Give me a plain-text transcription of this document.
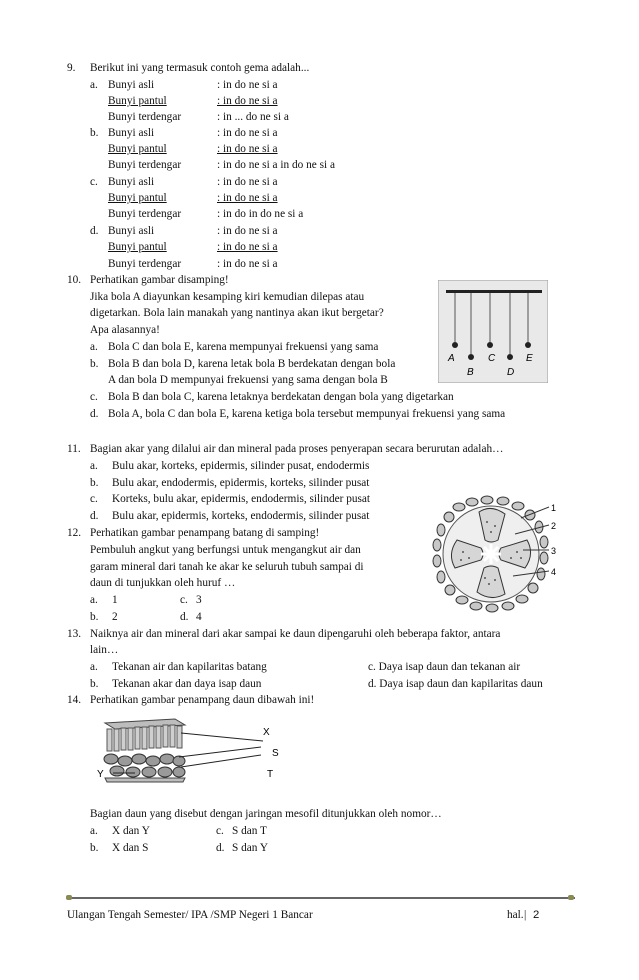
9. Berikut ini yang termasuk contoh gema adalah...
a. Bunyi asli	: in do ne si a
Bunyi pantul	: in do ne si a
Bunyi terdengar	: in ... do ne si a
b. Bunyi asli	: in do ne si a
Bunyi pantul	: in do ne si a
Bunyi terdengar	: in do ne si a in do ne si a
c. Bunyi asli	: in do ne si a
Bunyi pantul	: in do ne si a
Bunyi terdengar	: in do in do ne si a
d. Bunyi asli	: in do ne si a
Bunyi pantul	: in do ne si a
Bunyi terdengar	: in do ne si a
10. Perhatikan gambar disamping!
Jika bola A diayunkan kesamping kiri kemudian dilepas atau
digetarkan. Bola lain manakah yang nantinya akan ikut bergetar?
Apa alasannya!
a. Bola C dan bola E, karena mempunyai frekuensi yang sama
b. Bola B dan bola D, karena letak bola B berdekatan dengan bola
A dan bola D mempunyai frekuensi yang sama dengan bola B
c. Bola B dan bola C, karena letaknya berdekatan dengan bola yang digetarkan
d. Bola A, bola C dan bola E, karena ketiga bola tersebut mempunyai frekuensi yang sama
A
B
C
D
E
11. Bagian akar yang dilalui air dan mineral pada proses penyerapan secara berurutan adalah…
a. Bulu akar, korteks, epidermis, silinder pusat, endodermis
b. Bulu akar, endodermis, epidermis, korteks, silinder pusat
c. Korteks, bulu akar, epidermis, endodermis, silinder pusat
d. Bulu akar, epidermis, korteks, endodermis, silinder pusat
12. Perhatikan gambar penampang batang di samping!
Pembuluh angkut yang berfungsi untuk mengangkut air dan
garam mineral dari tanah ke akar ke seluruh tubuh sampai di
daun di tunjukkan oleh huruf …
a. 1	c. 3
b. 2	d. 4
1
2
3
4
13. Naiknya air dan mineral dari akar sampai ke daun dipengaruhi oleh beberapa faktor, antara
lain…
a. Tekanan air dan kapilaritas batang	c. Daya isap daun dan tekanan air
b. Tekanan akar dan daya isap daun	d. Daya isap daun dan kapilaritas daun
14. Perhatikan gambar penampang daun dibawah ini!
X
S
Y	T
Bagian daun yang disebut dengan jaringan mesofil ditunjukkan oleh nomor…
a. X dan Y	c. S dan T
b. X dan S	d. S dan Y
Ulangan Tengah Semester/ IPA /SMP Negeri 1 Bancar	hal. | 2
